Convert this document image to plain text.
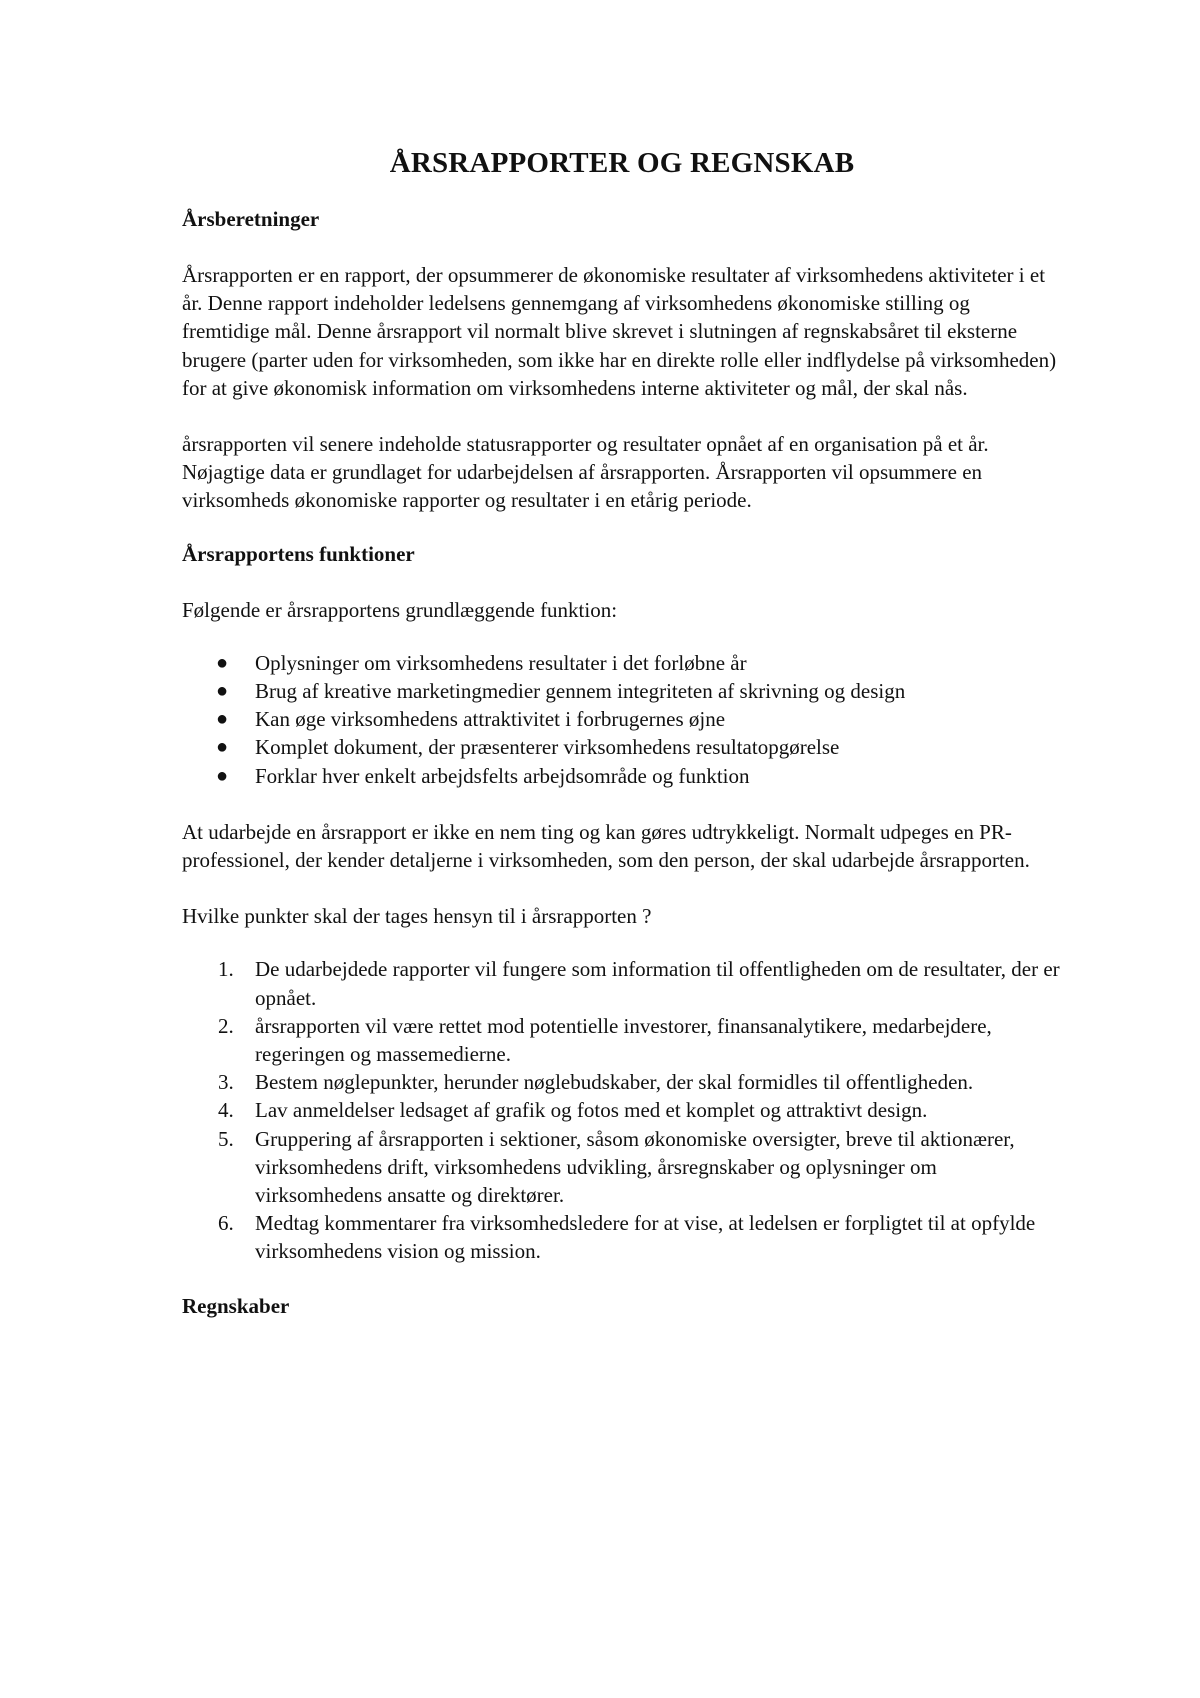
ÅRSRAPPORTER OG REGNSKAB
Årsberetninger

Årsrapporten er en rapport, der opsummerer de økonomiske resultater af virksomhedens aktiviteter i et år. Denne rapport indeholder ledelsens gennemgang af virksomhedens økonomiske stilling og fremtidige mål. Denne årsrapport vil normalt blive skrevet i slutningen af regnskabsåret til eksterne brugere (parter uden for virksomheden, som ikke har en direkte rolle eller indflydelse på virksomheden) for at give økonomisk information om virksomhedens interne aktiviteter og mål, der skal nås.

årsrapporten vil senere indeholde statusrapporter og resultater opnået af en organisation på et år. Nøjagtige data er grundlaget for udarbejdelsen af årsrapporten. Årsrapporten vil opsummere en virksomheds økonomiske rapporter og resultater i en etårig periode.

Årsrapportens funktioner

Følgende er årsrapportens grundlæggende funktion:

● Oplysninger om virksomhedens resultater i det forløbne år
● Brug af kreative marketingmedier gennem integriteten af skrivning og design
● Kan øge virksomhedens attraktivitet i forbrugernes øjne
● Komplet dokument, der præsenterer virksomhedens resultatopgørelse
● Forklar hver enkelt arbejdsfelts arbejdsområde og funktion

At udarbejde en årsrapport er ikke en nem ting og kan gøres udtrykkeligt. Normalt udpeges en PR-professionel, der kender detaljerne i virksomheden, som den person, der skal udarbejde årsrapporten.

Hvilke punkter skal der tages hensyn til i årsrapporten ?

1. De udarbejdede rapporter vil fungere som information til offentligheden om de resultater, der er opnået.
2. årsrapporten vil være rettet mod potentielle investorer, finansanalytikere, medarbejdere, regeringen og massemedierne.
3. Bestem nøglepunkter, herunder nøglebudskaber, der skal formidles til offentligheden.
4. Lav anmeldelser ledsaget af grafik og fotos med et komplet og attraktivt design.
5. Gruppering af årsrapporten i sektioner, såsom økonomiske oversigter, breve til aktionærer, virksomhedens drift, virksomhedens udvikling, årsregnskaber og oplysninger om virksomhedens ansatte og direktører.
6. Medtag kommentarer fra virksomhedsledere for at vise, at ledelsen er forpligtet til at opfylde virksomhedens vision og mission.
Regnskaber
